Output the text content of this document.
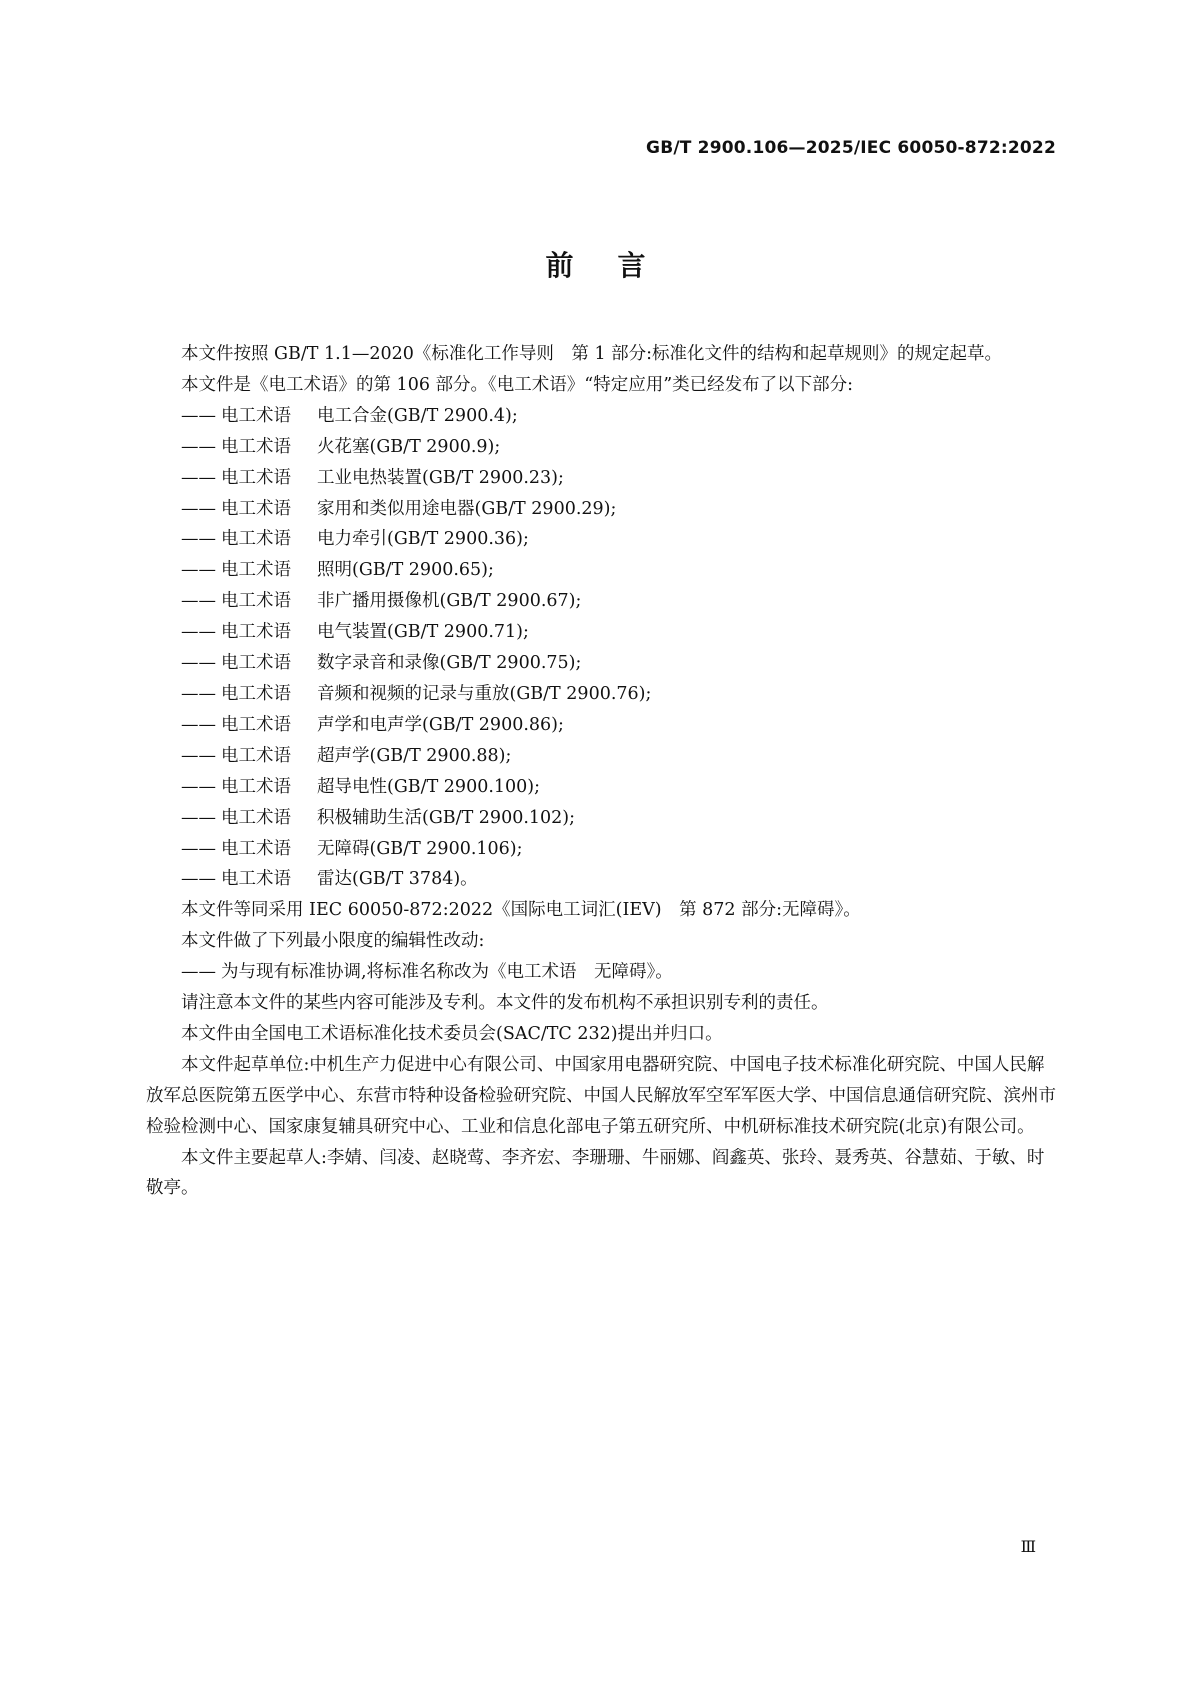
GB/T 2900.106—2025/IEC 60050-872:2022
前言

本文件按照 GB/T 1.1—2020《标准化工作导则　第 1 部分:标准化文件的结构和起草规则》的规定起草。

本文件是《电工术语》的第 106 部分。《电工术语》“特定应用”类已经发布了以下部分:

—— 电工术语 电工合金(GB/T 2900.4);
—— 电工术语 火花塞(GB/T 2900.9);
—— 电工术语 工业电热装置(GB/T 2900.23);
—— 电工术语 家用和类似用途电器(GB/T 2900.29);
—— 电工术语 电力牵引(GB/T 2900.36);
—— 电工术语 照明(GB/T 2900.65);
—— 电工术语 非广播用摄像机(GB/T 2900.67);
—— 电工术语 电气装置(GB/T 2900.71);
—— 电工术语 数字录音和录像(GB/T 2900.75);
—— 电工术语 音频和视频的记录与重放(GB/T 2900.76);
—— 电工术语 声学和电声学(GB/T 2900.86);
—— 电工术语 超声学(GB/T 2900.88);
—— 电工术语 超导电性(GB/T 2900.100);
—— 电工术语 积极辅助生活(GB/T 2900.102);
—— 电工术语 无障碍(GB/T 2900.106);
—— 电工术语 雷达(GB/T 3784)。

本文件等同采用 IEC 60050-872:2022《国际电工词汇(IEV)　第 872 部分:无障碍》。

本文件做了下列最小限度的编辑性改动:

—— 为与现有标准协调,将标准名称改为《电工术语　无障碍》。

请注意本文件的某些内容可能涉及专利。本文件的发布机构不承担识别专利的责任。

本文件由全国电工术语标准化技术委员会(SAC/TC 232)提出并归口。

本文件起草单位:中机生产力促进中心有限公司、中国家用电器研究院、中国电子技术标准化研究院、中国人民解放军总医院第五医学中心、东营市特种设备检验研究院、中国人民解放军空军军医大学、中国信息通信研究院、滨州市检验检测中心、国家康复辅具研究中心、工业和信息化部电子第五研究所、中机研标准技术研究院(北京)有限公司。

本文件主要起草人:李婧、闫凌、赵晓莺、李齐宏、李珊珊、牛丽娜、阎鑫英、张玲、聂秀英、谷慧茹、于敏、时敬亭。

Ⅲ
